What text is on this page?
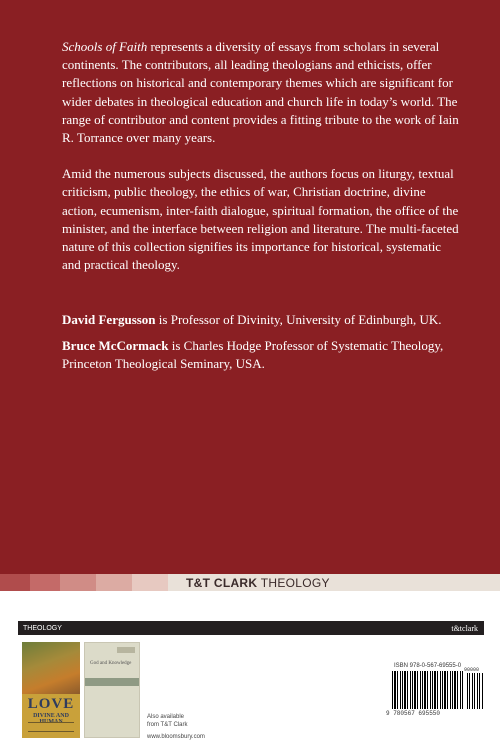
Schools of Faith represents a diversity of essays from scholars in several continents. The contributors, all leading theologians and ethicists, offer reflections on historical and contemporary themes which are significant for wider debates in theological education and church life in today’s world. The range of contributor and content provides a fitting tribute to the work of Iain R. Torrance over many years.

Amid the numerous subjects discussed, the authors focus on liturgy, textual criticism, public theology, the ethics of war, Christian doctrine, divine action, ecumenism, inter-faith dialogue, spiritual formation, the office of the minister, and the interface between religion and literature. The multi-faceted nature of this collection signifies its importance for historical, systematic and practical theology.

David Fergusson is Professor of Divinity, University of Edinburgh, UK.

Bruce McCormack is Charles Hodge Professor of Systematic Theology, Princeton Theological Seminary, USA.

T&T CLARK THEOLOGY
THEOLOGY	t&tclark
LOVE
DIVINE AND HUMAN
God and Knowledge
Also available
from T&T Clark
www.bloomsbury.com
ISBN 978-0-567-69555-0
90000
9 780567 695550
